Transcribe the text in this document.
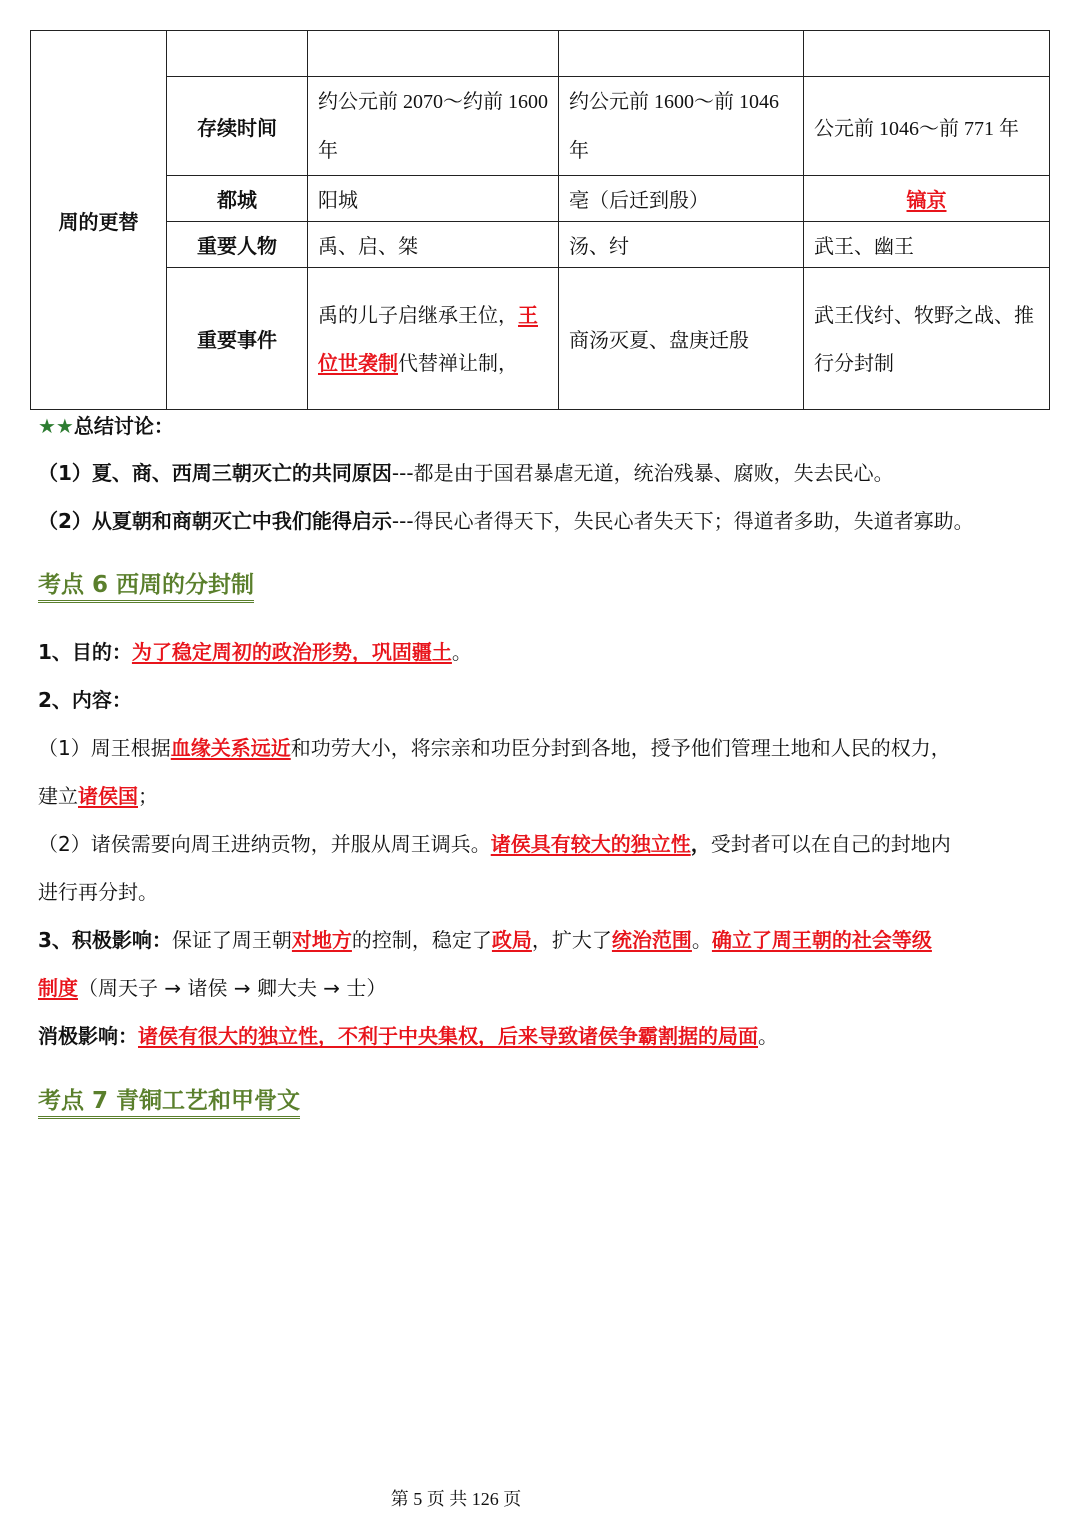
周的更替				
	存续时间	约公元前 2070～约前 1600 年	约公元前 1600～前 1046 年	公元前 1046～前 771 年
	都城	阳城	亳（后迁到殷）	镐京
	重要人物	禹、启、桀	汤、纣	武王、幽王
	重要事件	禹的儿子启继承王位，王位世袭制代替禅让制，	商汤灭夏、盘庚迁殷	武王伐纣、牧野之战、推行分封制
★★总结讨论：
（1）夏、商、西周三朝灭亡的共同原因---都是由于国君暴虐无道，统治残暴、腐败，失去民心。
（2）从夏朝和商朝灭亡中我们能得启示---得民心者得天下，失民心者失天下；得道者多助，失道者寡助。
考点 6 西周的分封制
1、目的：为了稳定周初的政治形势，巩固疆土。
2、内容：
（1）周王根据血缘关系远近和功劳大小，将宗亲和功臣分封到各地，授予他们管理土地和人民的权力，
建立诸侯国；
（2）诸侯需要向周王进纳贡物，并服从周王调兵。诸侯具有较大的独立性，受封者可以在自己的封地内
进行再分封。
3、积极影响：保证了周王朝对地方的控制，稳定了政局，扩大了统治范围。确立了周王朝的社会等级
制度（周天子 → 诸侯 → 卿大夫 → 士）
消极影响：诸侯有很大的独立性，不利于中央集权，后来导致诸侯争霸割据的局面。
考点 7 青铜工艺和甲骨文
第 5 页 共 126 页
